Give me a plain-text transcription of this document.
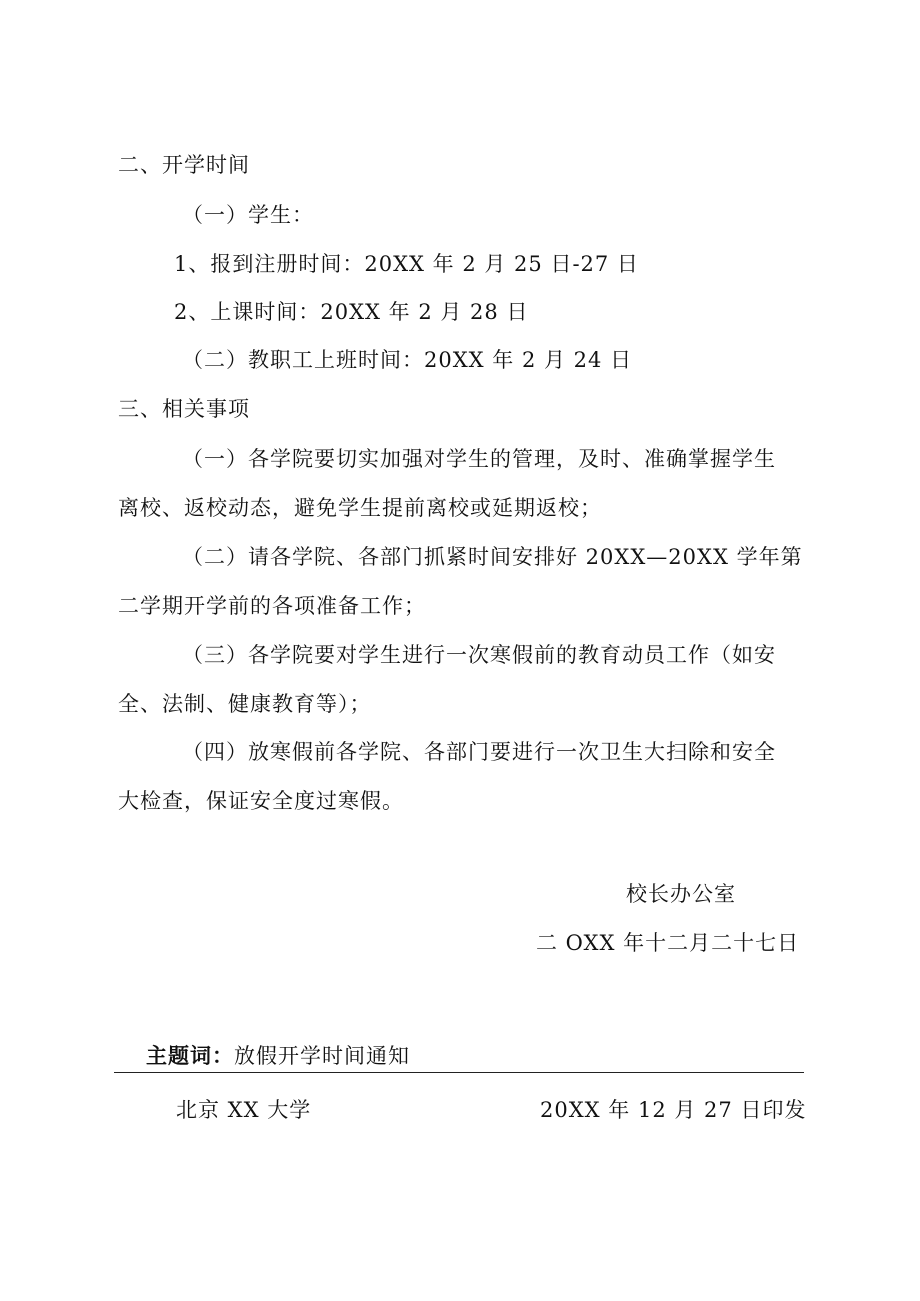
二、开学时间
（一）学生：
1、报到注册时间：20XX 年 2 月 25 日-27 日
2、上课时间：20XX 年 2 月 28 日
（二）教职工上班时间：20XX 年 2 月 24 日
三、相关事项
（一）各学院要切实加强对学生的管理，及时、准确掌握学生
离校、返校动态，避免学生提前离校或延期返校；
（二）请各学院、各部门抓紧时间安排好 20XX—20XX 学年第
二学期开学前的各项准备工作；
（三）各学院要对学生进行一次寒假前的教育动员工作（如安
全、法制、健康教育等）；
（四）放寒假前各学院、各部门要进行一次卫生大扫除和安全
大检查，保证安全度过寒假。
校长办公室
二 OXX 年十二月二十七日
主题词：放假开学时间通知
北京 XX 大学	20XX 年 12 月 27 日印发
